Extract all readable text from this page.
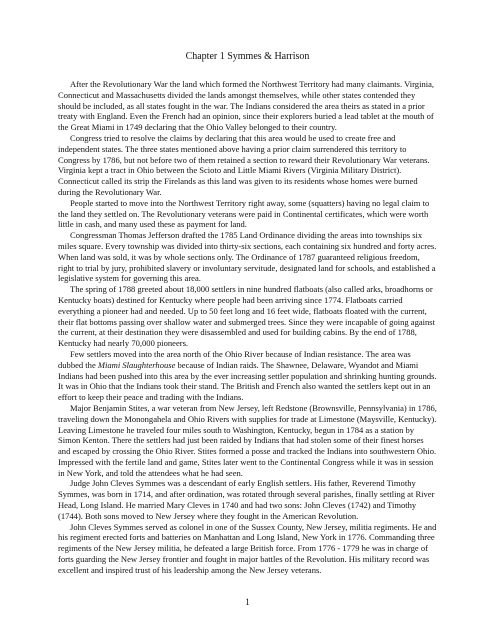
Chapter 1 Symmes & Harrison

After the Revolutionary War the land which formed the Northwest Territory had many claimants. Virginia, Connecticut and Massachusetts divided the lands amongst themselves, while other states contended they should be included, as all states fought in the war. The Indians considered the area theirs as stated in a prior treaty with England. Even the French had an opinion, since their explorers buried a lead tablet at the mouth of the Great Miami in 1749 declaring that the Ohio Valley belonged to their country.

Congress tried to resolve the claims by declaring that this area would be used to create free and independent states. The three states mentioned above having a prior claim surrendered this territory to Congress by 1786, but not before two of them retained a section to reward their Revolutionary War veterans. Virginia kept a tract in Ohio between the Scioto and Little Miami Rivers (Virginia Military District). Connecticut called its strip the Firelands as this land was given to its residents whose homes were burned during the Revolutionary War.

People started to move into the Northwest Territory right away, some (squatters) having no legal claim to the land they settled on. The Revolutionary veterans were paid in Continental certificates, which were worth little in cash, and many used these as payment for land.

Congressman Thomas Jefferson drafted the 1785 Land Ordinance dividing the areas into townships six miles square. Every township was divided into thirty-six sections, each containing six hundred and forty acres. When land was sold, it was by whole sections only. The Ordinance of 1787 guaranteed religious freedom, right to trial by jury, prohibited slavery or involuntary servitude, designated land for schools, and established a legislative system for governing this area.

The spring of 1788 greeted about 18,000 settlers in nine hundred flatboats (also called arks, broadhorns or Kentucky boats) destined for Kentucky where people had been arriving since 1774. Flatboats carried everything a pioneer had and needed. Up to 50 feet long and 16 feet wide, flatboats floated with the current, their flat bottoms passing over shallow water and submerged trees. Since they were incapable of going against the current, at their destination they were disassembled and used for building cabins. By the end of 1788, Kentucky had nearly 70,000 pioneers.

Few settlers moved into the area north of the Ohio River because of Indian resistance. The area was dubbed the Miami Slaughterhouse because of Indian raids. The Shawnee, Delaware, Wyandot and Miami Indians had been pushed into this area by the ever increasing settler population and shrinking hunting grounds. It was in Ohio that the Indians took their stand. The British and French also wanted the settlers kept out in an effort to keep their peace and trading with the Indians.

Major Benjamin Stites, a war veteran from New Jersey, left Redstone (Brownsville, Pennsylvania) in 1786, traveling down the Monongahela and Ohio Rivers with supplies for trade at Limestone (Maysville, Kentucky). Leaving Limestone he traveled four miles south to Washington, Kentucky, begun in 1784 as a station by Simon Kenton. There the settlers had just been raided by Indians that had stolen some of their finest horses and escaped by crossing the Ohio River. Stites formed a posse and tracked the Indians into southwestern Ohio. Impressed with the fertile land and game, Stites later went to the Continental Congress while it was in session in New York, and told the attendees what he had seen.

Judge John Cleves Symmes was a descendant of early English settlers. His father, Reverend Timothy Symmes, was born in 1714, and after ordination, was rotated through several parishes, finally settling at River Head, Long Island. He married Mary Cleves in 1740 and had two sons: John Cleves (1742) and Timothy (1744). Both sons moved to New Jersey where they fought in the American Revolution.

John Cleves Symmes served as colonel in one of the Sussex County, New Jersey, militia regiments. He and his regiment erected forts and batteries on Manhattan and Long Island, New York in 1776. Commanding three regiments of the New Jersey militia, he defeated a large British force. From 1776 - 1779 he was in charge of forts guarding the New Jersey frontier and fought in major battles of the Revolution. His military record was excellent and inspired trust of his leadership among the New Jersey veterans.

1
